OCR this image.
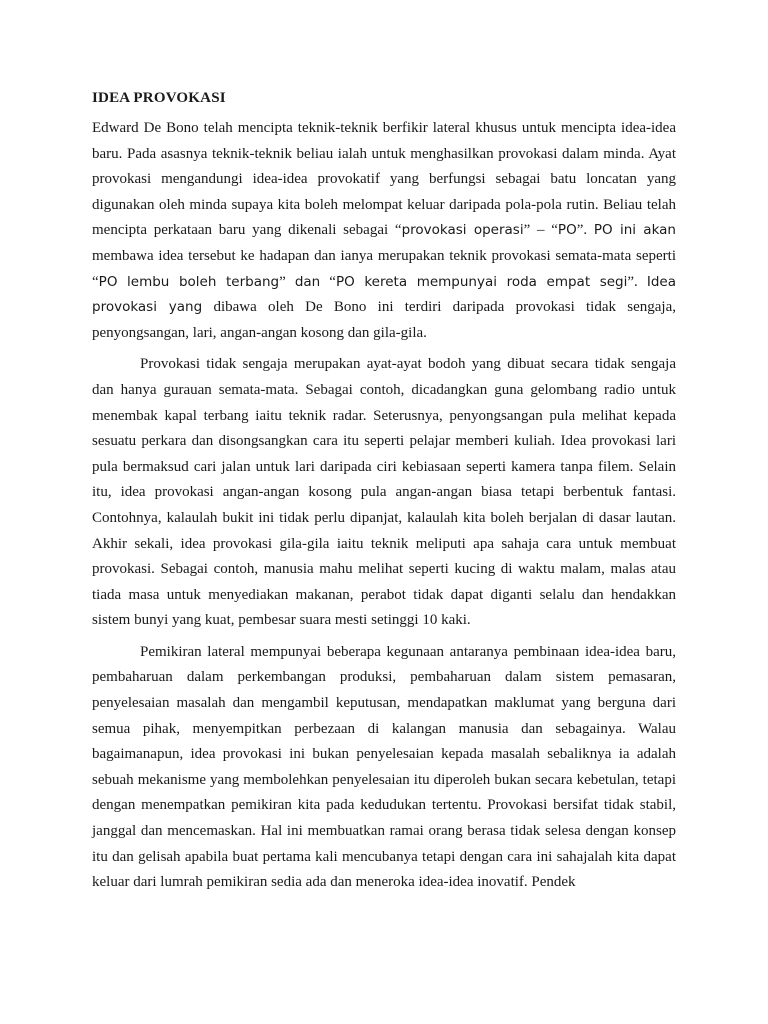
IDEA PROVOKASI

Edward De Bono telah mencipta teknik-teknik berfikir lateral khusus untuk mencipta idea-idea baru. Pada asasnya teknik-teknik beliau ialah untuk menghasilkan provokasi dalam minda. Ayat provokasi mengandungi idea-idea provokatif yang berfungsi sebagai batu loncatan yang digunakan oleh minda supaya kita boleh melompat keluar daripada pola-pola rutin. Beliau telah mencipta perkataan baru yang dikenali sebagai “provokasi operasi” – “PO”. PO ini akan membawa idea tersebut ke hadapan dan ianya merupakan teknik provokasi semata-mata seperti “PO lembu boleh terbang” dan “PO kereta mempunyai roda empat segi”. Idea provokasi yang dibawa oleh De Bono ini terdiri daripada provokasi tidak sengaja, penyongsangan, lari, angan-angan kosong dan gila-gila.

Provokasi tidak sengaja merupakan ayat-ayat bodoh yang dibuat secara tidak sengaja dan hanya gurauan semata-mata. Sebagai contoh, dicadangkan guna gelombang radio untuk menembak kapal terbang iaitu teknik radar. Seterusnya, penyongsangan pula melihat kepada sesuatu perkara dan disongsangkan cara itu seperti pelajar memberi kuliah. Idea provokasi lari pula bermaksud cari jalan untuk lari daripada ciri kebiasaan seperti kamera tanpa filem. Selain itu, idea provokasi angan-angan kosong pula angan-angan biasa tetapi berbentuk fantasi. Contohnya, kalaulah bukit ini tidak perlu dipanjat, kalaulah kita boleh berjalan di dasar lautan. Akhir sekali, idea provokasi gila-gila iaitu teknik meliputi apa sahaja cara untuk membuat provokasi. Sebagai contoh, manusia mahu melihat seperti kucing di waktu malam, malas atau tiada masa untuk menyediakan makanan, perabot tidak dapat diganti selalu dan hendakkan sistem bunyi yang kuat, pembesar suara mesti setinggi 10 kaki.

Pemikiran lateral mempunyai beberapa kegunaan antaranya pembinaan idea-idea baru, pembaharuan dalam perkembangan produksi, pembaharuan dalam sistem pemasaran, penyelesaian masalah dan mengambil keputusan, mendapatkan maklumat yang berguna dari semua pihak, menyempitkan perbezaan di kalangan manusia dan sebagainya. Walau bagaimanapun, idea provokasi ini bukan penyelesaian kepada masalah sebaliknya ia adalah sebuah mekanisme yang membolehkan penyelesaian itu diperoleh bukan secara kebetulan, tetapi dengan menempatkan pemikiran kita pada kedudukan tertentu. Provokasi bersifat tidak stabil, janggal dan mencemaskan. Hal ini membuatkan ramai orang berasa tidak selesa dengan konsep itu dan gelisah apabila buat pertama kali mencubanya tetapi dengan cara ini sahajalah kita dapat keluar dari lumrah pemikiran sedia ada dan meneroka idea-idea inovatif. Pendek
